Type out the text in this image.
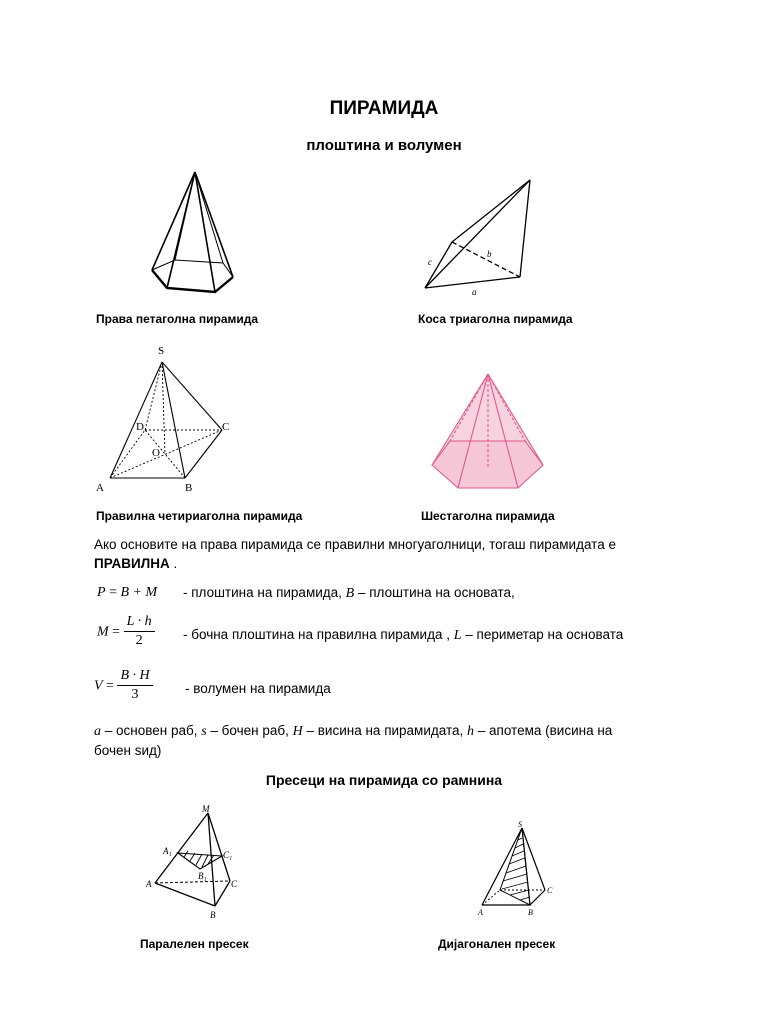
ПИРАМИДА
плоштина и волумен
Права петаголна пирамида
c
b
a
Коса триаголна пирамида
S
D	C
O
A	B
Правилна четириаголна пирамида	Шестаголна пирамида
Ако основите на права пирамида се правилни многуаголници, тогаш пирамидата е
ПРАВИЛНА .
P = B + M - плоштина на пирамида, B – плоштина на основата,
$M = \frac{L \cdot h}{2}$ - бочна плоштина на правилна пирамида , L – периметар на основата
$V = \frac{B \cdot H}{3}$ - волумен на пирамида
a – основен раб, s – бочен раб, H – висина на пирамидата, h – апотема (висина на
бочен ѕид)
Пресеци на пирамида со рамнина
M
A₁	C₁
B₁
A	C
B
Паралелен пресек
S
C
A	B
Дијагонален пресек
